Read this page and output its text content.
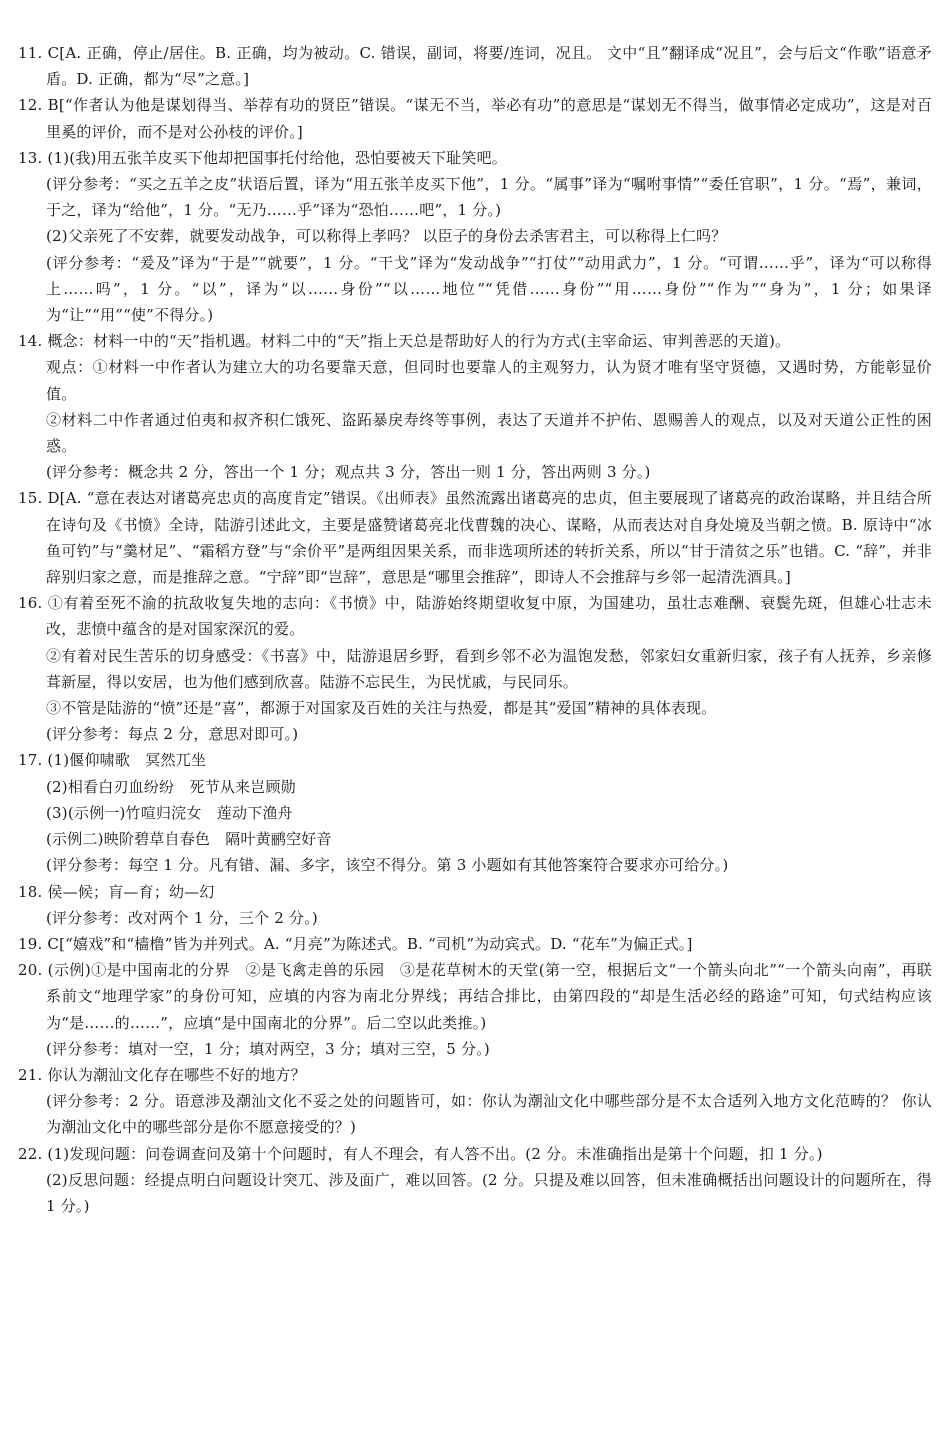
11. C[A. 正确，停止/居住。B. 正确，均为被动。C. 错误，副词，将要/连词，况且。 文中“且”翻译成“况且”，会与后文“作歌”语意矛盾。D. 正确，都为“尽”之意。]

12. B[“作者认为他是谋划得当、举荐有功的贤臣”错误。“谋无不当，举必有功”的意思是“谋划无不得当，做事情必定成功”，这是对百里奚的评价，而不是对公孙枝的评价。]

13. (1)(我)用五张羊皮买下他却把国事托付给他，恐怕要被天下耻笑吧。

(评分参考：“买之五羊之皮”状语后置，译为“用五张羊皮买下他”，1 分。“属事”译为“嘱咐事情”“委任官职”，1 分。“焉”，兼词，于之，译为“给他”，1 分。“无乃……乎”译为“恐怕……吧”，1 分。)

(2)父亲死了不安葬，就要发动战争，可以称得上孝吗？ 以臣子的身份去杀害君主，可以称得上仁吗？

(评分参考：“爰及”译为“于是”“就要”，1 分。“干戈”译为“发动战争”“打仗”“动用武力”，1 分。“可谓……乎”，译为“可以称得上……吗”，1 分。“以”，译为“以……身份”“以……地位”“凭借……身份”“用……身份”“作为”“身为”，1 分；如果译为“让”“用”“使”不得分。)

14. 概念：材料一中的“天”指机遇。材料二中的“天”指上天总是帮助好人的行为方式(主宰命运、审判善恶的天道)。

观点：①材料一中作者认为建立大的功名要靠天意，但同时也要靠人的主观努力，认为贤才唯有坚守贤德，又遇时势，方能彰显价值。

②材料二中作者通过伯夷和叔齐积仁饿死、盗跖暴戾寿终等事例，表达了天道并不护佑、恩赐善人的观点，以及对天道公正性的困惑。

(评分参考：概念共 2 分，答出一个 1 分；观点共 3 分，答出一则 1 分，答出两则 3 分。)

15. D[A. “意在表达对诸葛亮忠贞的高度肯定”错误。《出师表》虽然流露出诸葛亮的忠贞，但主要展现了诸葛亮的政治谋略，并且结合所在诗句及《书愤》全诗，陆游引述此文，主要是盛赞诸葛亮北伐曹魏的决心、谋略，从而表达对自身处境及当朝之愤。B. 原诗中“冰鱼可钓”与“羹材足”、“霜稻方登”与“余价平”是两组因果关系，而非选项所述的转折关系，所以“甘于清贫之乐”也错。C. “辞”，并非辞别归家之意，而是推辞之意。“宁辞”即“岂辞”，意思是“哪里会推辞”，即诗人不会推辞与乡邻一起清洗酒具。]

16. ①有着至死不渝的抗敌收复失地的志向：《书愤》中，陆游始终期望收复中原，为国建功，虽壮志难酬、衰鬓先斑，但雄心壮志未改，悲愤中蕴含的是对国家深沉的爱。

②有着对民生苦乐的切身感受：《书喜》中，陆游退居乡野，看到乡邻不必为温饱发愁，邻家妇女重新归家，孩子有人抚养，乡亲修葺新屋，得以安居，也为他们感到欣喜。陆游不忘民生，为民忧戚，与民同乐。

③不管是陆游的“愤”还是“喜”，都源于对国家及百姓的关注与热爱，都是其“爱国”精神的具体表现。

(评分参考：每点 2 分，意思对即可。)

17. (1)偃仰啸歌　冥然兀坐

(2)相看白刃血纷纷　死节从来岂顾勋

(3)(示例一)竹喧归浣女　莲动下渔舟

(示例二)映阶碧草自春色　隔叶黄鹂空好音

(评分参考：每空 1 分。凡有错、漏、多字，该空不得分。第 3 小题如有其他答案符合要求亦可给分。)

18. 侯—候；肓—育；幼—幻

(评分参考：改对两个 1 分，三个 2 分。)

19. C[“嬉戏”和“樯橹”皆为并列式。A. “月亮”为陈述式。B. “司机”为动宾式。D. “花车”为偏正式。]

20. (示例)①是中国南北的分界　②是飞禽走兽的乐园　③是花草树木的天堂(第一空，根据后文“一个箭头向北”“一个箭头向南”，再联系前文“地理学家”的身份可知，应填的内容为南北分界线；再结合排比，由第四段的“却是生活必经的路途”可知，句式结构应该为“是……的……”，应填“是中国南北的分界”。后二空以此类推。)

(评分参考：填对一空，1 分；填对两空，3 分；填对三空，5 分。)

21. 你认为潮汕文化存在哪些不好的地方？

(评分参考：2 分。语意涉及潮汕文化不妥之处的问题皆可，如：你认为潮汕文化中哪些部分是不太合适列入地方文化范畴的？ 你认为潮汕文化中的哪些部分是你不愿意接受的？)

22. (1)发现问题：问卷调查问及第十个问题时，有人不理会，有人答不出。(2 分。未准确指出是第十个问题，扣 1 分。)

(2)反思问题：经提点明白问题设计突兀、涉及面广，难以回答。(2 分。只提及难以回答，但未准确概括出问题设计的问题所在，得 1 分。)
